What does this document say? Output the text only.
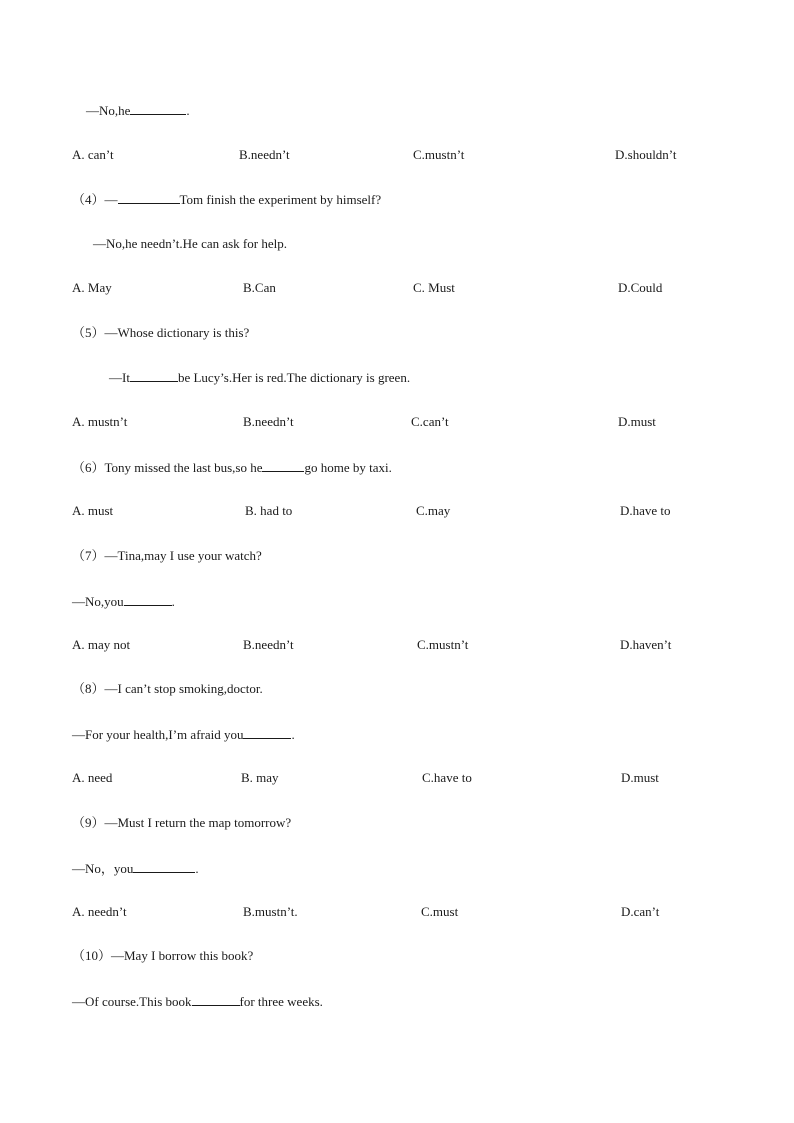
—No,he	.
A. can’t	B.needn’t	C.mustn’t	D.shouldn’t
（4）—	Tom finish the experiment by himself?
—No,he needn’t.He can ask for help.
A. May	B.Can	C. Must	D.Could
（5）—Whose dictionary is this?
—It	be Lucy’s.Her is red.The dictionary is green.
A. mustn’t	B.needn’t	C.can’t	D.must
（6）Tony missed the last bus,so he	go home by taxi.
A. must	B. had to	C.may	D.have to
（7）—Tina,may I use your watch?
—No,you	.
A. may not	B.needn’t	C.mustn’t	D.haven’t
（8）—I can’t stop smoking,doctor.
—For your health,I’m afraid you	.
A. need	B. may	C.have to	D.must
（9）—Must I return the map tomorrow?
—No，you	.
A. needn’t	B.mustn’t.	C.must	D.can’t
（10）—May I borrow this book?
—Of course.This book	for three weeks.
